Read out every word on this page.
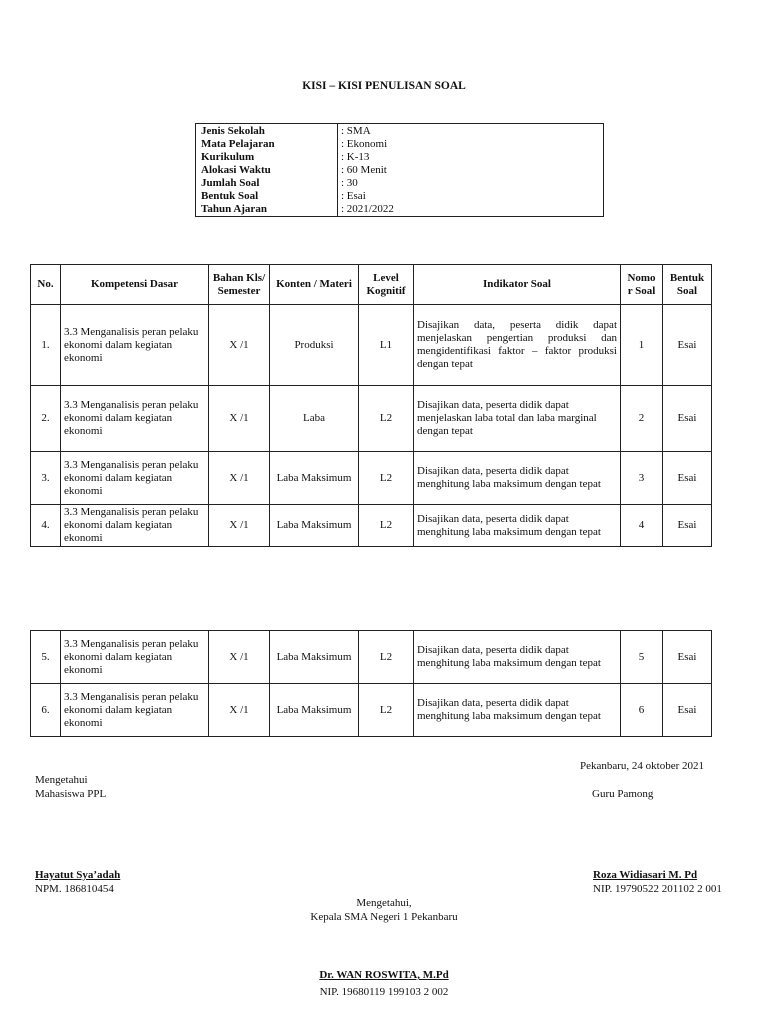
KISI – KISI PENULISAN SOAL
Jenis Sekolah	: SMA
Mata Pelajaran	: Ekonomi
Kurikulum	: K-13
Alokasi Waktu	: 60 Menit
Jumlah Soal	: 30
Bentuk Soal	: Esai
Tahun Ajaran	: 2021/2022
No.	Kompetensi Dasar	Bahan Kls/ Semester	Konten / Materi	Level Kognitif	Indikator Soal	Nomo r Soal	Bentuk Soal
1.	3.3 Menganalisis peran pelaku ekonomi dalam kegiatan ekonomi	X /1	Produksi	L1	Disajikan data, peserta didik dapat menjelaskan pengertian produksi dan mengidentifikasi faktor – faktor produksi dengan tepat	1	Esai
2.	3.3 Menganalisis peran pelaku ekonomi dalam kegiatan ekonomi	X /1	Laba	L2	Disajikan data, peserta didik dapat menjelaskan laba total dan laba marginal dengan tepat	2	Esai
3.	3.3 Menganalisis peran pelaku ekonomi dalam kegiatan ekonomi	X /1	Laba Maksimum	L2	Disajikan data, peserta didik dapat menghitung laba maksimum dengan tepat	3	Esai
4.	3.3 Menganalisis peran pelaku ekonomi dalam kegiatan ekonomi	X /1	Laba Maksimum	L2	Disajikan data, peserta didik dapat menghitung laba maksimum dengan tepat	4	Esai
5.	3.3 Menganalisis peran pelaku ekonomi dalam kegiatan ekonomi	X /1	Laba Maksimum	L2	Disajikan data, peserta didik dapat menghitung laba maksimum dengan tepat	5	Esai
6.	3.3 Menganalisis peran pelaku ekonomi dalam kegiatan ekonomi	X /1	Laba Maksimum	L2	Disajikan data, peserta didik dapat menghitung laba maksimum dengan tepat	6	Esai
Pekanbaru, 24 oktober 2021
Mengetahui
Mahasiswa PPL	Guru Pamong
Hayatut Sya’adah
NPM. 186810454
Roza Widiasari M. Pd
NIP. 19790522 201102 2 001
Mengetahui,
Kepala SMA Negeri 1 Pekanbaru
Dr. WAN ROSWITA, M.Pd
NIP. 19680119 199103 2 002
